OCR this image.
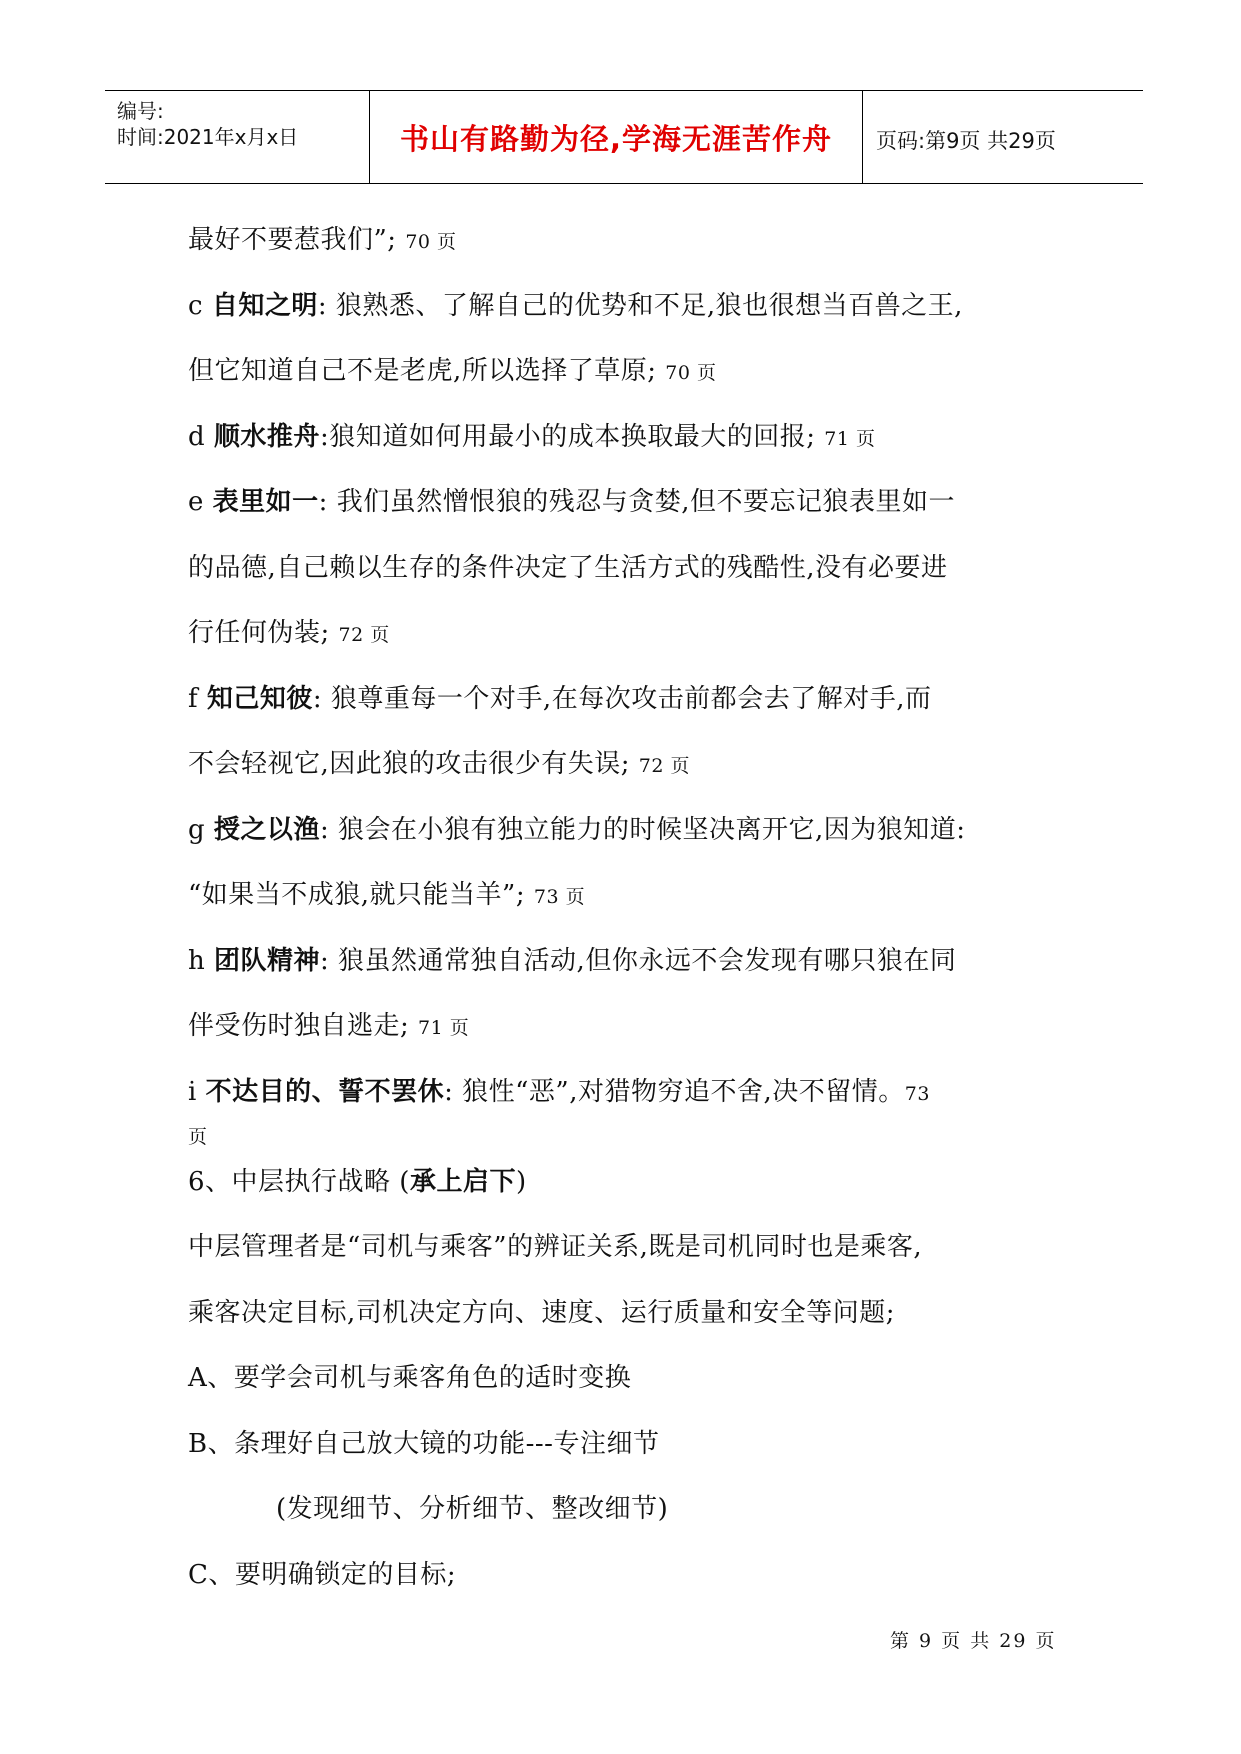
编号:
时间:2021年x月x日	书山有路勤为径,学海无涯苦作舟	页码:第9页 共29页
最好不要惹我们”; 70 页
c 自知之明: 狼熟悉、了解自己的优势和不足,狼也很想当百兽之王,
但它知道自己不是老虎,所以选择了草原; 70 页
d 顺水推舟:狼知道如何用最小的成本换取最大的回报; 71 页
e 表里如一: 我们虽然憎恨狼的残忍与贪婪,但不要忘记狼表里如一
的品德,自己赖以生存的条件决定了生活方式的残酷性,没有必要进
行任何伪装; 72 页
f 知己知彼: 狼尊重每一个对手,在每次攻击前都会去了解对手,而
不会轻视它,因此狼的攻击很少有失误; 72 页
g 授之以渔: 狼会在小狼有独立能力的时候坚决离开它,因为狼知道:
“如果当不成狼,就只能当羊”; 73 页
h 团队精神: 狼虽然通常独自活动,但你永远不会发现有哪只狼在同
伴受伤时独自逃走; 71 页
i 不达目的、誓不罢休: 狼性“恶”,对猎物穷追不舍,决不留情。73
页
6、中层执行战略 (承上启下)
中层管理者是“司机与乘客”的辨证关系,既是司机同时也是乘客,
乘客决定目标,司机决定方向、速度、运行质量和安全等问题;
A、要学会司机与乘客角色的适时变换
B、条理好自己放大镜的功能---专注细节
(发现细节、分析细节、整改细节)
C、要明确锁定的目标;
第 9 页 共 29 页
